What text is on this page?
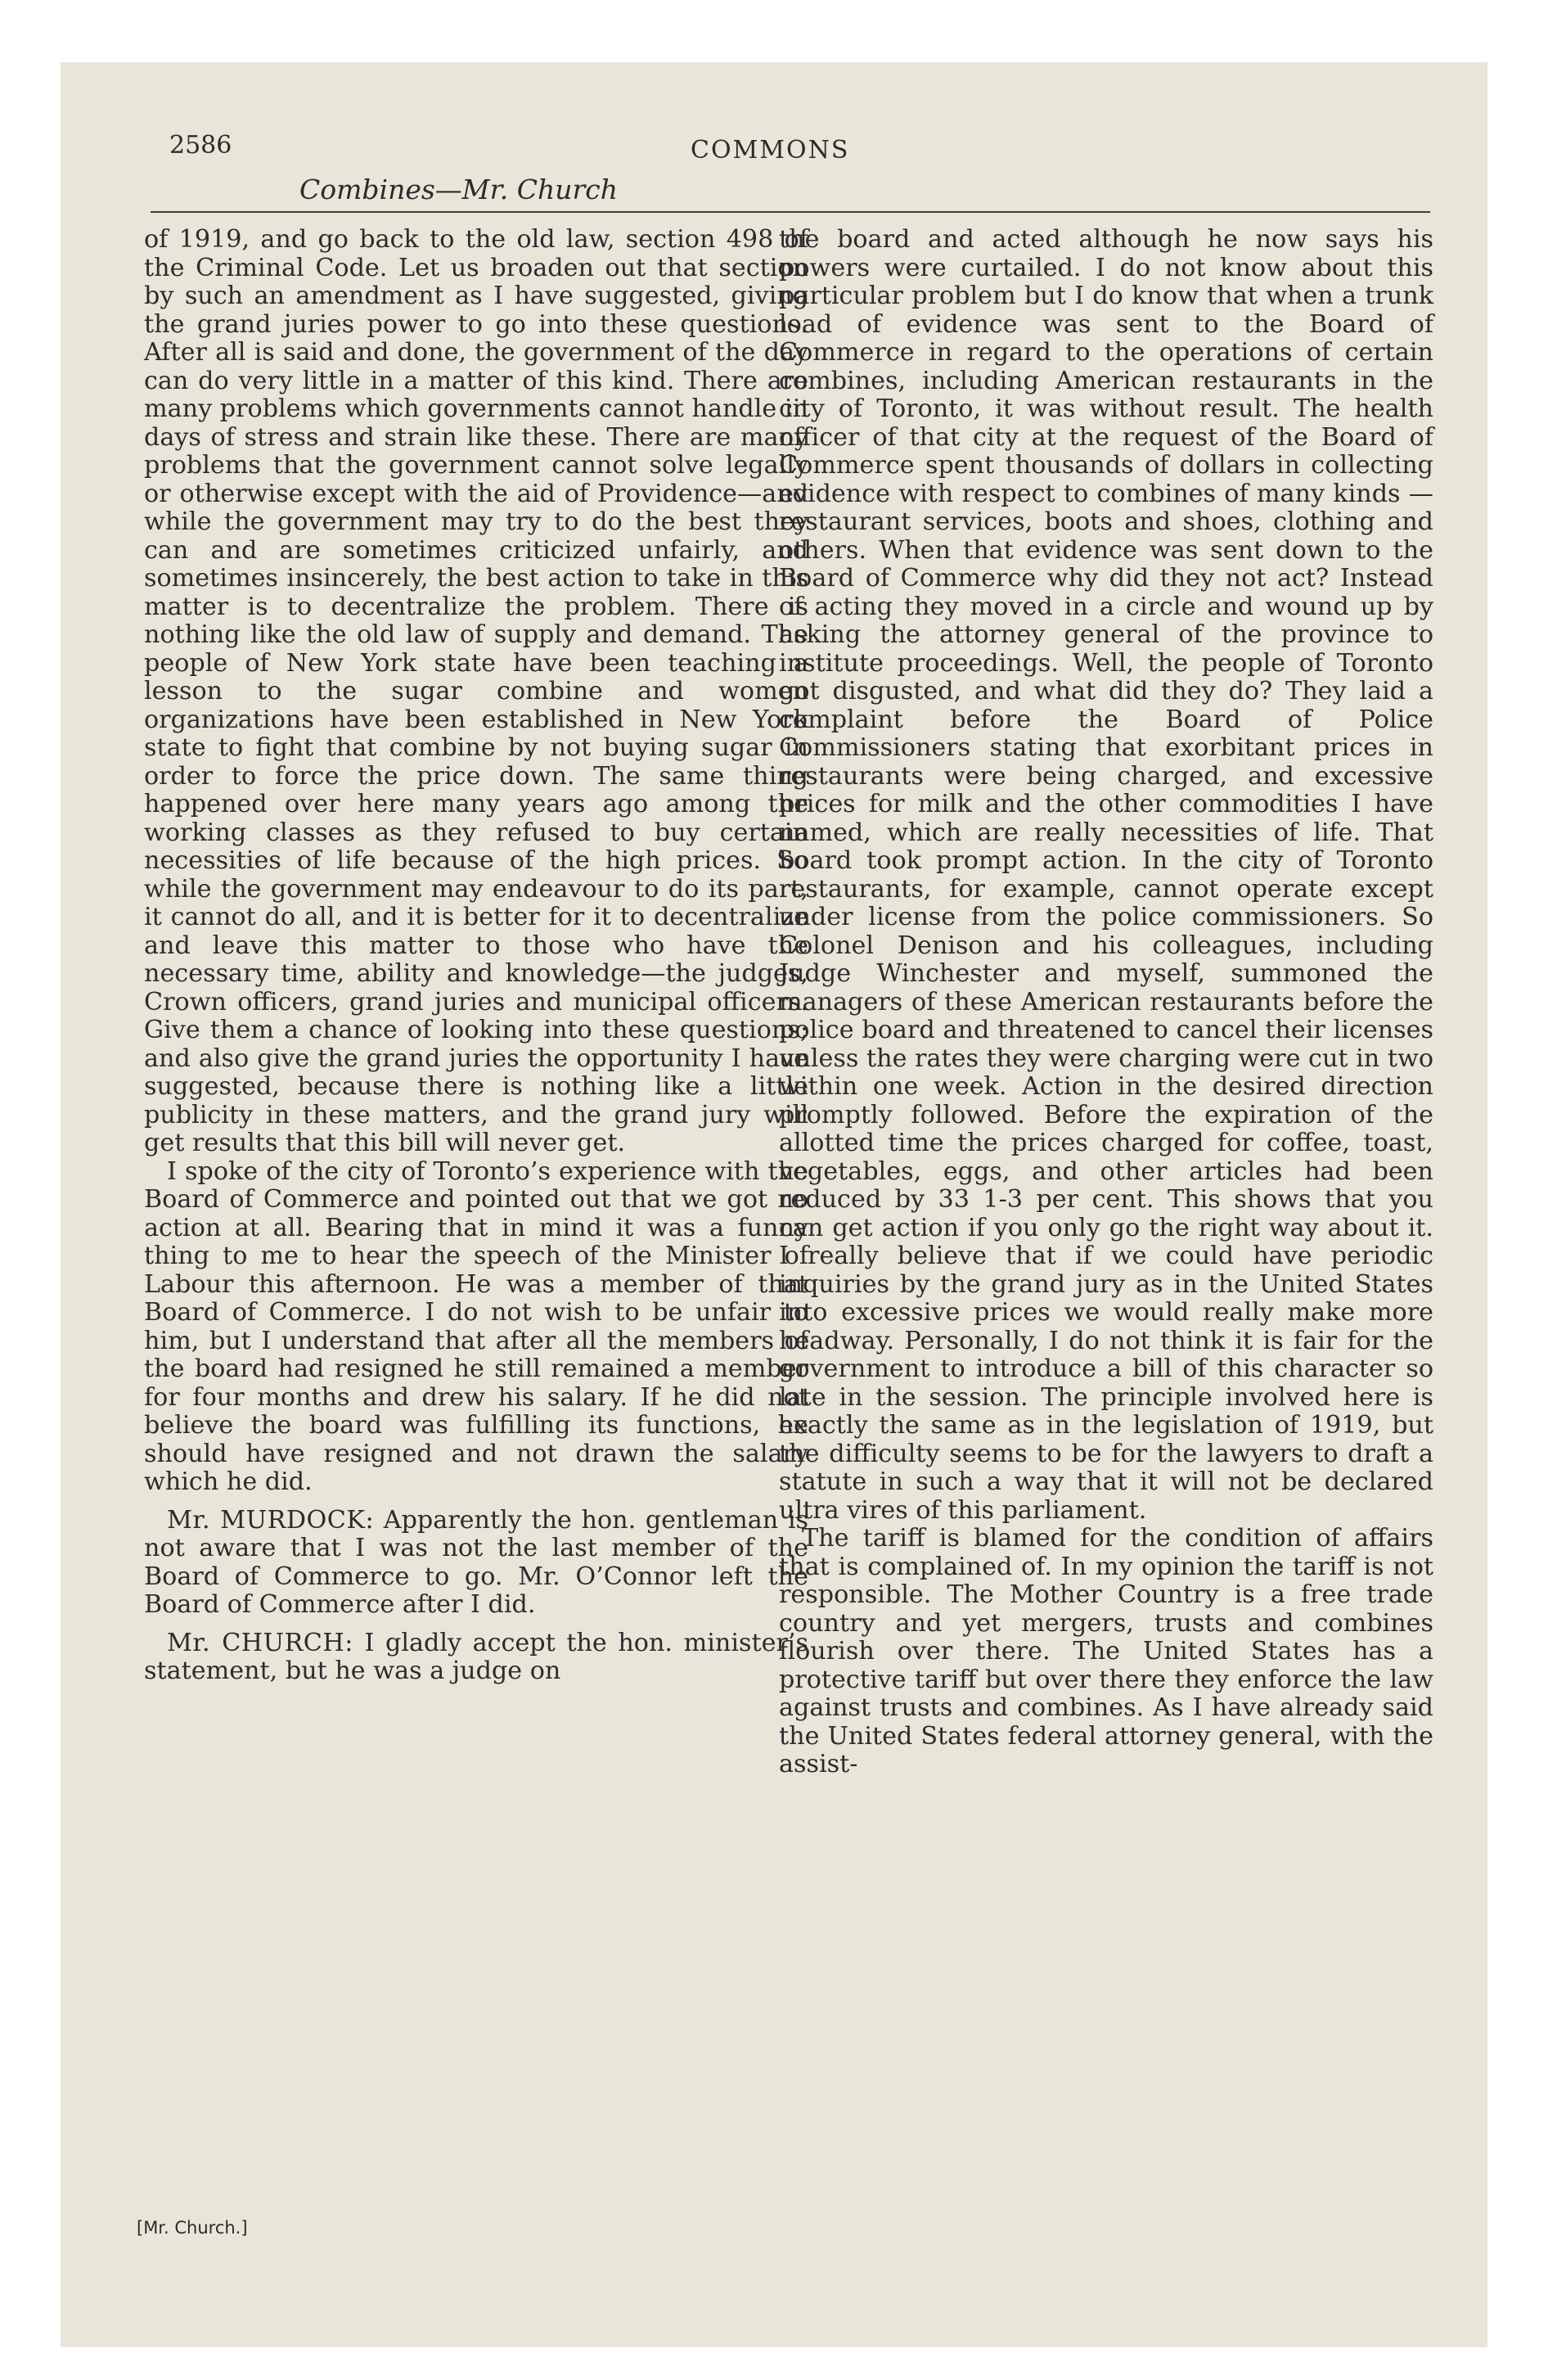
2586	COMMONS
Combines—Mr. Church

of 1919, and go back to the old law, section 498 of the Criminal Code. Let us broaden out that section by such an amendment as I have suggested, giving the grand juries power to go into these questions. After all is said and done, the government of the day can do very little in a matter of this kind. There are many problems which governments cannot handle in days of stress and strain like these. There are many problems that the government cannot solve legally or otherwise except with the aid of Providence—and while the government may try to do the best they can and are sometimes criticized unfairly, and sometimes insincerely, the best action to take in this matter is to decentralize the problem. There is nothing like the old law of supply and demand. The people of New York state have been teaching a lesson to the sugar combine and women organizations have been established in New York state to fight that combine by not buying sugar in order to force the price down. The same thing happened over here many years ago among the working classes as they refused to buy certain necessities of life because of the high prices. So while the government may endeavour to do its part, it cannot do all, and it is better for it to decentralize and leave this matter to those who have the necessary time, ability and knowledge—the judges, Crown officers, grand juries and municipal officers. Give them a chance of looking into these questions; and also give the grand juries the opportunity I have suggested, because there is nothing like a little publicity in these matters, and the grand jury will get results that this bill will never get.

I spoke of the city of Toronto’s experience with the Board of Commerce and pointed out that we got no action at all. Bearing that in mind it was a funny thing to me to hear the speech of the Minister of Labour this afternoon. He was a member of that Board of Commerce. I do not wish to be unfair to him, but I understand that after all the members of the board had resigned he still remained a member for four months and drew his salary. If he did not believe the board was fulfilling its functions, he should have resigned and not drawn the salary which he did.

Mr. MURDOCK: Apparently the hon. gentleman is not aware that I was not the last member of the Board of Commerce to go. Mr. O’Connor left the Board of Commerce after I did.

Mr. CHURCH: I gladly accept the hon. minister’s statement, but he was a judge on

the board and acted although he now says his powers were curtailed. I do not know about this particular problem but I do know that when a trunk load of evidence was sent to the Board of Commerce in regard to the operations of certain combines, including American restaurants in the city of Toronto, it was without result. The health officer of that city at the request of the Board of Commerce spent thousands of dollars in collecting evidence with respect to combines of many kinds —restaurant services, boots and shoes, clothing and others. When that evidence was sent down to the Board of Commerce why did they not act? Instead of acting they moved in a circle and wound up by asking the attorney general of the province to institute proceedings. Well, the people of Toronto got disgusted, and what did they do? They laid a complaint before the Board of Police Commissioners stating that exorbitant prices in restaurants were being charged, and excessive prices for milk and the other commodities I have named, which are really necessities of life. That board took prompt action. In the city of Toronto restaurants, for example, cannot operate except under license from the police commissioners. So Colonel Denison and his colleagues, including Judge Winchester and myself, summoned the managers of these American restaurants before the police board and threatened to cancel their licenses unless the rates they were charging were cut in two within one week. Action in the desired direction promptly followed. Before the expiration of the allotted time the prices charged for coffee, toast, vegetables, eggs, and other articles had been reduced by 33 1-3 per cent. This shows that you can get action if you only go the right way about it. I really believe that if we could have periodic inquiries by the grand jury as in the United States into excessive prices we would really make more headway. Personally, I do not think it is fair for the government to introduce a bill of this character so late in the session. The principle involved here is exactly the same as in the legislation of 1919, but the difficulty seems to be for the lawyers to draft a statute in such a way that it will not be declared ultra vires of this parliament.

The tariff is blamed for the condition of affairs that is complained of. In my opinion the tariff is not responsible. The Mother Country is a free trade country and yet mergers, trusts and combines flourish over there. The United States has a protective tariff but over there they enforce the law against trusts and combines. As I have already said the United States federal attorney general, with the assist-

[Mr. Church.]
